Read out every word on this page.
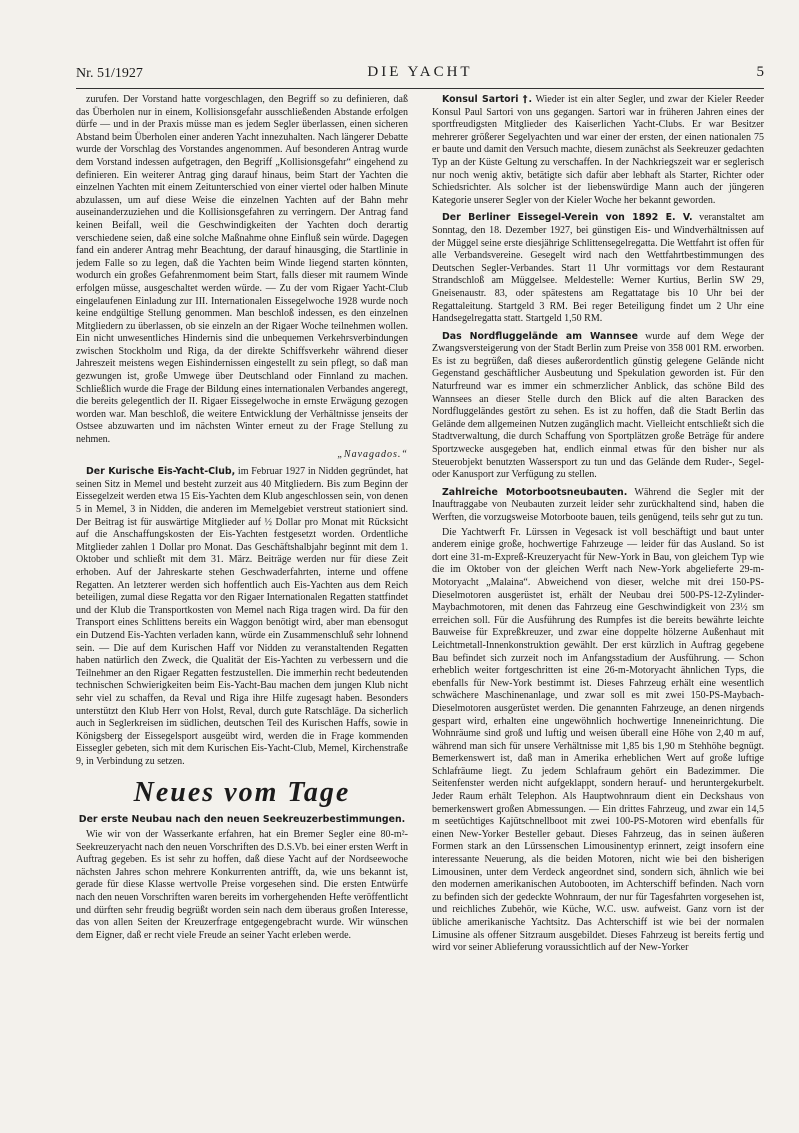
Nr. 51/1927	DIE YACHT	5

zurufen. Der Vorstand hatte vorgeschlagen, den Begriff so zu definieren, daß das Überholen nur in einem, Kollisionsgefahr ausschließenden Abstande erfolgen dürfe — und in der Praxis müsse man es jedem Segler überlassen, einen sicheren Abstand beim Überholen einer anderen Yacht innezuhalten. Nach längerer Debatte wurde der Vorschlag des Vorstandes angenommen. Auf besonderen Antrag wurde dem Vorstand indessen aufgetragen, den Begriff „Kollisionsgefahr“ eingehend zu definieren. Ein weiterer Antrag ging darauf hinaus, beim Start der Yachten die einzelnen Yachten mit einem Zeitunterschied von einer viertel oder halben Minute abzulassen, um auf diese Weise die einzelnen Yachten auf der Bahn mehr auseinanderzuziehen und die Kollisionsgefahren zu verringern. Der Antrag fand keinen Beifall, weil die Geschwindigkeiten der Yachten doch derartig verschiedene seien, daß eine solche Maßnahme ohne Einfluß sein würde. Dagegen fand ein anderer Antrag mehr Beachtung, der darauf hinausging, die Startlinie in jedem Falle so zu legen, daß die Yachten beim Winde liegend starten könnten, wodurch ein großes Gefahrenmoment beim Start, falls dieser mit raumem Winde erfolgen müsse, ausgeschaltet werden würde. — Zu der vom Rigaer Yacht-Club eingelaufenen Einladung zur III. Internationalen Eissegelwoche 1928 wurde noch keine endgültige Stellung genommen. Man beschloß indessen, es den einzelnen Mitgliedern zu überlassen, ob sie einzeln an der Rigaer Woche teilnehmen wollen. Ein nicht unwesentliches Hindernis sind die unbequemen Verkehrsverbindungen zwischen Stockholm und Riga, da der direkte Schiffsverkehr während dieser Jahreszeit meistens wegen Eishindernissen eingestellt zu sein pflegt, so daß man gezwungen ist, große Umwege über Deutschland oder Finnland zu machen. Schließlich wurde die Frage der Bildung eines internationalen Verbandes angeregt, die bereits gelegentlich der II. Rigaer Eissegelwoche in ernste Erwägung gezogen worden war. Man beschloß, die weitere Entwicklung der Verhältnisse jenseits der Ostsee abzuwarten und im nächsten Winter erneut zu der Frage Stellung zu nehmen.

„Navagados.“

Der Kurische Eis-Yacht-Club, im Februar 1927 in Nidden gegründet, hat seinen Sitz in Memel und besteht zurzeit aus 40 Mitgliedern. Bis zum Beginn der Eissegelzeit werden etwa 15 Eis-Yachten dem Klub angeschlossen sein, von denen 5 in Memel, 3 in Nidden, die anderen im Memelgebiet verstreut stationiert sind. Der Beitrag ist für auswärtige Mitglieder auf ½ Dollar pro Monat mit Rücksicht auf die Anschaffungskosten der Eis-Yachten festgesetzt worden. Ordentliche Mitglieder zahlen 1 Dollar pro Monat. Das Geschäftshalbjahr beginnt mit dem 1. Oktober und schließt mit dem 31. März. Beiträge werden nur für diese Zeit erhoben. Auf der Jahreskarte stehen Geschwaderfahrten, interne und offene Regatten. An letzterer werden sich hoffentlich auch Eis-Yachten aus dem Reich beteiligen, zumal diese Regatta vor den Rigaer Internationalen Regatten stattfindet und der Klub die Transportkosten von Memel nach Riga tragen wird. Da für den Transport eines Schlittens bereits ein Waggon benötigt wird, aber man ebensogut ein Dutzend Eis-Yachten verladen kann, würde ein Zusammenschluß sehr lohnend sein. — Die auf dem Kurischen Haff vor Nidden zu veranstaltenden Regatten haben natürlich den Zweck, die Qualität der Eis-Yachten zu verbessern und die Teilnehmer an den Rigaer Regatten festzustellen. Die immerhin recht bedeutenden technischen Schwierigkeiten beim Eis-Yacht-Bau machen dem jungen Klub nicht sehr viel zu schaffen, da Reval und Riga ihre Hilfe zugesagt haben. Besonders unterstützt den Klub Herr von Holst, Reval, durch gute Ratschläge. Da sicherlich auch in Seglerkreisen im südlichen, deutschen Teil des Kurischen Haffs, sowie in Königsberg der Eissegelsport ausgeübt wird, werden die in Frage kommenden Eissegler gebeten, sich mit dem Kurischen Eis-Yacht-Club, Memel, Kirchenstraße 9, in Verbindung zu setzen.

Neues vom Tage
Der erste Neubau nach den neuen Seekreuzerbestimmungen.

Wie wir von der Wasserkante erfahren, hat ein Bremer Segler eine 80-m²-Seekreuzeryacht nach den neuen Vorschriften des D.S.Vb. bei einer ersten Werft in Auftrag gegeben. Es ist sehr zu hoffen, daß diese Yacht auf der Nordseewoche nächsten Jahres schon mehrere Konkurrenten antrifft, da, wie uns bekannt ist, gerade für diese Klasse wertvolle Preise vorgesehen sind. Die ersten Entwürfe nach den neuen Vorschriften waren bereits im vorhergehenden Hefte veröffentlicht und dürften sehr freudig begrüßt worden sein nach dem überaus großen Interesse, das von allen Seiten der Kreuzerfrage entgegengebracht wurde. Wir wünschen dem Eigner, daß er recht viele Freude an seiner Yacht erleben werde.

Konsul Sartori †. Wieder ist ein alter Segler, und zwar der Kieler Reeder Konsul Paul Sartori von uns gegangen. Sartori war in früheren Jahren eines der sportfreudigsten Mitglieder des Kaiserlichen Yacht-Clubs. Er war Besitzer mehrerer größerer Segelyachten und war einer der ersten, der einen nationalen 75 er baute und damit den Versuch machte, diesem zunächst als Seekreuzer gedachten Typ an der Küste Geltung zu verschaffen. In der Nachkriegszeit war er seglerisch nur noch wenig aktiv, betätigte sich dafür aber lebhaft als Starter, Richter oder Schiedsrichter. Als solcher ist der liebenswürdige Mann auch der jüngeren Kategorie unserer Segler von der Kieler Woche her bekannt geworden.

Der Berliner Eissegel-Verein von 1892 E. V. veranstaltet am Sonntag, den 18. Dezember 1927, bei günstigen Eis- und Windverhältnissen auf der Müggel seine erste diesjährige Schlittensegelregatta. Die Wettfahrt ist offen für alle Verbandsvereine. Gesegelt wird nach den Wettfahrtbestimmungen des Deutschen Segler-Verbandes. Start 11 Uhr vormittags vor dem Restaurant Strandschloß am Müggelsee. Meldestelle: Werner Kurtius, Berlin SW 29, Gneisenaustr. 83, oder spätestens am Regattatage bis 10 Uhr bei der Regattaleitung. Startgeld 3 RM. Bei reger Beteiligung findet um 2 Uhr eine Handsegelregatta statt. Startgeld 1,50 RM.

Das Nordfluggelände am Wannsee wurde auf dem Wege der Zwangsversteigerung von der Stadt Berlin zum Preise von 358 001 RM. erworben. Es ist zu begrüßen, daß dieses außerordentlich günstig gelegene Gelände nicht Gegenstand geschäftlicher Ausbeutung und Spekulation geworden ist. Für den Naturfreund war es immer ein schmerzlicher Anblick, das schöne Bild des Wannsees an dieser Stelle durch den Blick auf die alten Baracken des Nordfluggeländes gestört zu sehen. Es ist zu hoffen, daß die Stadt Berlin das Gelände dem allgemeinen Nutzen zugänglich macht. Vielleicht entschließt sich die Stadtverwaltung, die durch Schaffung von Sportplätzen große Beträge für andere Sportzwecke ausgegeben hat, endlich einmal etwas für den bisher nur als Steuerobjekt benutzten Wassersport zu tun und das Gelände dem Ruder-, Segel- oder Kanusport zur Verfügung zu stellen.

Zahlreiche Motorbootsneubauten. Während die Segler mit der Inauftraggabe von Neubauten zurzeit leider sehr zurückhaltend sind, haben die Werften, die vorzugsweise Motorboote bauen, teils genügend, teils sehr gut zu tun.

Die Yachtwerft Fr. Lürssen in Vegesack ist voll beschäftigt und baut unter anderem einige große, hochwertige Fahrzeuge — leider für das Ausland. So ist dort eine 31-m-Expreß-Kreuzeryacht für New-York in Bau, von gleichem Typ wie die im Oktober von der gleichen Werft nach New-York abgelieferte 29-m-Motoryacht „Malaina“. Abweichend von dieser, welche mit drei 150-PS-Dieselmotoren ausgerüstet ist, erhält der Neubau drei 500-PS-12-Zylinder-Maybachmotoren, mit denen das Fahrzeug eine Geschwindigkeit von 23½ sm erreichen soll. Für die Ausführung des Rumpfes ist die bereits bewährte leichte Bauweise für Expreßkreuzer, und zwar eine doppelte hölzerne Außenhaut mit Leichtmetall-Innenkonstruktion gewählt. Der erst kürzlich in Auftrag gegebene Bau befindet sich zurzeit noch im Anfangsstadium der Ausführung. — Schon erheblich weiter fortgeschritten ist eine 26-m-Motoryacht ähnlichen Typs, die ebenfalls für New-York bestimmt ist. Dieses Fahrzeug erhält eine wesentlich schwächere Maschinenanlage, und zwar soll es mit zwei 150-PS-Maybach-Dieselmotoren ausgerüstet werden. Die genannten Fahrzeuge, an denen nirgends gespart wird, erhalten eine ungewöhnlich hochwertige Inneneinrichtung. Die Wohnräume sind groß und luftig und weisen überall eine Höhe von 2,40 m auf, während man sich für unsere Verhältnisse mit 1,85 bis 1,90 m Stehhöhe begnügt. Bemerkenswert ist, daß man in Amerika erheblichen Wert auf große luftige Schlafräume liegt. Zu jedem Schlafraum gehört ein Badezimmer. Die Seitenfenster werden nicht aufgeklappt, sondern herauf- und heruntergekurbelt. Jeder Raum erhält Telephon. Als Hauptwohnraum dient ein Deckshaus von bemerkenswert großen Abmessungen. — Ein drittes Fahrzeug, und zwar ein 14,5 m seetüchtiges Kajütschnellboot mit zwei 100-PS-Motoren wird ebenfalls für einen New-Yorker Besteller gebaut. Dieses Fahrzeug, das in seinen äußeren Formen stark an den Lürssenschen Limousinentyp erinnert, zeigt insofern eine interessante Neuerung, als die beiden Motoren, nicht wie bei den bisherigen Limousinen, unter dem Verdeck angeordnet sind, sondern sich, ähnlich wie bei den modernen amerikanischen Autobooten, im Achterschiff befinden. Nach vorn zu befinden sich der gedeckte Wohnraum, der nur für Tagesfahrten vorgesehen ist, und reichliches Zubehör, wie Küche, W.C. usw. aufweist. Ganz vorn ist der übliche amerikanische Yachtsitz. Das Achterschiff ist wie bei der normalen Limusine als offener Sitzraum ausgebildet. Dieses Fahrzeug ist bereits fertig und wird vor seiner Ablieferung voraussichtlich auf der New-Yorker
